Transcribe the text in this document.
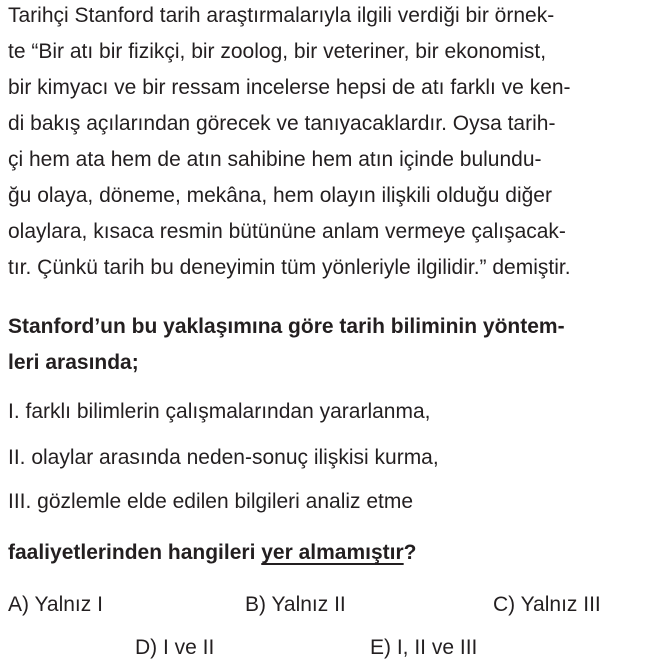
Tarihçi Stanford tarih araştırmalarıyla ilgili verdiği bir örnek-
te “Bir atı bir fizikçi, bir zoolog, bir veteriner, bir ekonomist,
bir kimyacı ve bir ressam incelerse hepsi de atı farklı ve ken-
di bakış açılarından görecek ve tanıyacaklardır. Oysa tarih-
çi hem ata hem de atın sahibine hem atın içinde bulundu-
ğu olaya, döneme, mekâna, hem olayın ilişkili olduğu diğer
olaylara, kısaca resmin bütününe anlam vermeye çalışacak-
tır. Çünkü tarih bu deneyimin tüm yönleriyle ilgilidir.” demiştir.
Stanford’un bu yaklaşımına göre tarih biliminin yöntem-
leri arasında;
I. farklı bilimlerin çalışmalarından yararlanma,
II. olaylar arasında neden-sonuç ilişkisi kurma,
III. gözlemle elde edilen bilgileri analiz etme
faaliyetlerinden hangileri yer almamıştır?
A) Yalnız I	B) Yalnız II	C) Yalnız III
D) I ve II	E) I, II ve III
